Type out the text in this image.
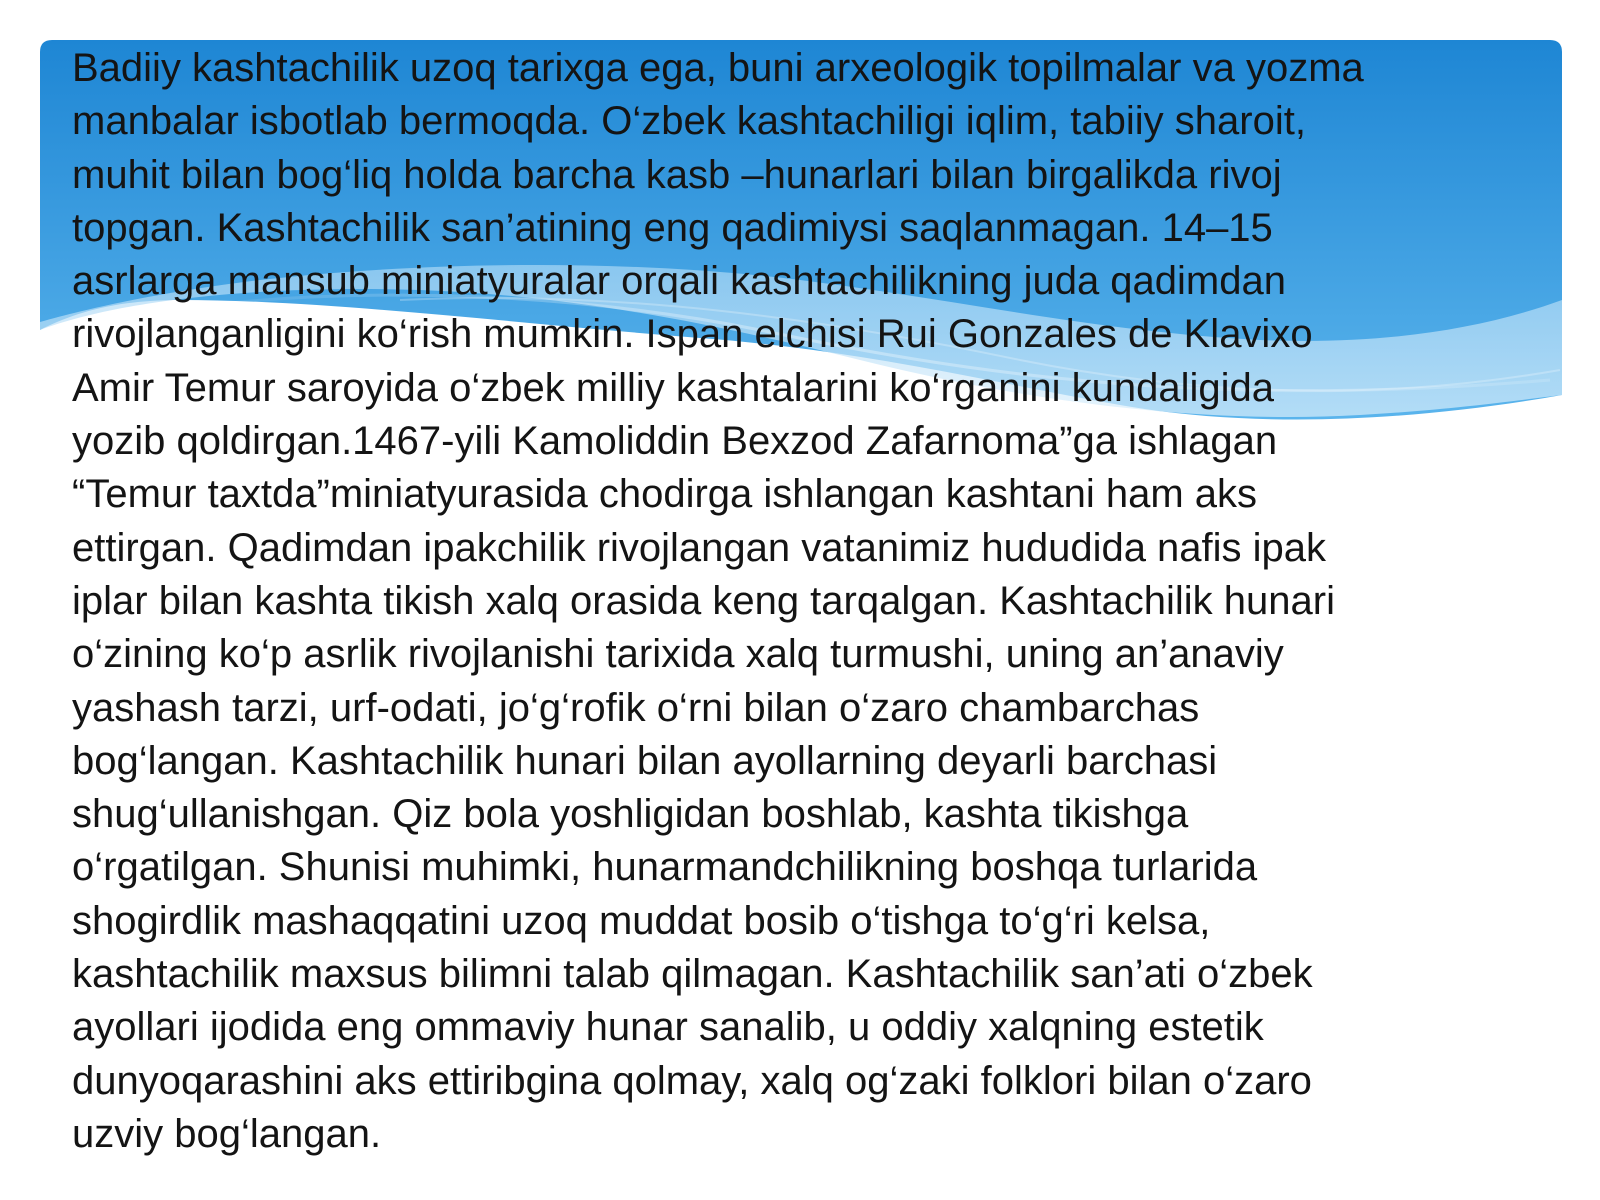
Badiiy kashtachilik uzoq tarixga ega, buni arxeologik topilmalar va yozma
manbalar isbotlab bermoqda. O‘zbek kashtachiligi iqlim, tabiiy sharoit,
muhit bilan bog‘liq holda barcha kasb –hunarlari bilan birgalikda rivoj
topgan. Kashtachilik san’atining eng qadimiysi saqlanmagan. 14–15
asrlarga mansub miniatyuralar orqali kashtachilikning juda qadimdan
rivojlanganligini ko‘rish mumkin. Ispan elchisi Rui Gonzales de Klavixo
Amir Temur saroyida o‘zbek milliy kashtalarini ko‘rganini kundaligida
yozib qoldirgan.1467-yili Kamoliddin Bexzod Zafarnoma”ga ishlagan
“Temur taxtda”miniatyurasida chodirga ishlangan kashtani ham aks
ettirgan. Qadimdan ipakchilik rivojlangan vatanimiz hududida nafis ipak
iplar bilan kashta tikish xalq orasida keng tarqalgan. Kashtachilik hunari
o‘zining ko‘p asrlik rivojlanishi tarixida xalq turmushi, uning an’anaviy
yashash tarzi, urf-odati, jo‘g‘rofik o‘rni bilan o‘zaro chambarchas
bog‘langan. Kashtachilik hunari bilan ayollarning deyarli barchasi
shug‘ullanishgan. Qiz bola yoshligidan boshlab, kashta tikishga
o‘rgatilgan. Shunisi muhimki, hunarmandchilikning boshqa turlarida
shogirdlik mashaqqatini uzoq muddat bosib o‘tishga to‘g‘ri kelsa,
kashtachilik maxsus bilimni talab qilmagan. Kashtachilik san’ati o‘zbek
ayollari ijodida eng ommaviy hunar sanalib, u oddiy xalqning estetik
dunyoqarashini aks ettiribgina qolmay, xalq og‘zaki folklori bilan o‘zaro
uzviy bog‘langan.
